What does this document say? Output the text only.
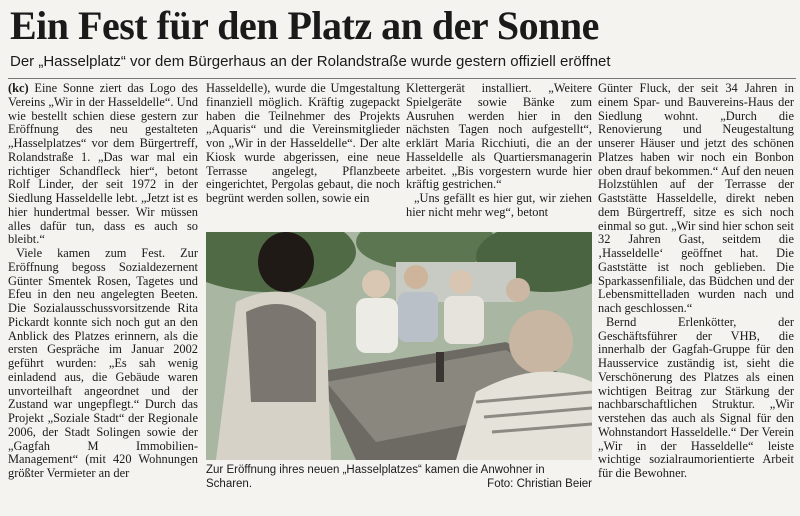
Ein Fest für den Platz an der Sonne
Der „Hasselplatz“ vor dem Bürgerhaus an der Rolandstraße wurde gestern offiziell eröffnet

(kc) Eine Sonne ziert das Logo des Vereins „Wir in der Hasseldelle“. Und wie bestellt schien diese gestern zur Eröffnung des neu gestalteten „Hasselplatzes“ vor dem Bürgertreff, Rolandstraße 1. „Das war mal ein richtiger Schandfleck hier“, betont Rolf Linder, der seit 1972 in der Siedlung Hasseldelle lebt. „Jetzt ist es hier hundertmal besser. Wir müssen alles dafür tun, dass es auch so bleibt.“

Viele kamen zum Fest. Zur Eröffnung begoss Sozialdezernent Günter Smentek Rosen, Tagetes und Efeu in den neu angelegten Beeten. Die Sozialausschussvorsitzende Rita Pickardt konnte sich noch gut an den Anblick des Platzes erinnern, als die ersten Gespräche im Januar 2002 geführt wurden: „Es sah wenig einladend aus, die Gebäude waren unvorteilhaft angeordnet und der Zustand war ungepflegt.“ Durch das Projekt „Soziale Stadt“ der Regionale 2006, der Stadt Solingen sowie der „Gagfah M Immobilien-Management“ (mit 420 Wohnungen größter Vermieter an der

Hasseldelle), wurde die Umgestaltung finanziell möglich. Kräftig zugepackt haben die Teilnehmer des Projekts „Aquaris“ und die Vereinsmitglieder von „Wir in der Hasseldelle“. Der alte Kiosk wurde abgerissen, eine neue Terrasse angelegt, Pflanzbeete eingerichtet, Pergolas gebaut, die noch begrünt werden sollen, sowie ein

Klettergerät installiert. „Weitere Spielgeräte sowie Bänke zum Ausruhen werden hier in den nächsten Tagen noch aufgestellt“, erklärt Maria Ricchiuti, die an der Hasseldelle als Quartiersmanagerin arbeitet. „Bis vorgestern wurde hier kräftig gestrichen.“

„Uns gefällt es hier gut, wir ziehen hier nicht mehr weg“, betont

Günter Fluck, der seit 34 Jahren in einem Spar- und Bauvereins-Haus der Siedlung wohnt. „Durch die Renovierung und Neugestaltung unserer Häuser und jetzt des schönen Platzes haben wir noch ein Bonbon oben drauf bekommen.“ Auf den neuen Holzstühlen auf der Terrasse der Gaststätte Hasseldelle, direkt neben dem Bürgertreff, sitze es sich noch einmal so gut. „Wir sind hier schon seit 32 Jahren Gast, seitdem die ‚Hasseldelle‘ geöffnet hat. Die Gaststätte ist noch geblieben. Die Sparkassenfiliale, das Büdchen und der Lebensmittelladen wurden nach und nach geschlossen.“

Bernd Erlenkötter, der Geschäftsführer der VHB, die innerhalb der Gagfah-Gruppe für den Hausservice zuständig ist, sieht die Verschönerung des Platzes als einen wichtigen Beitrag zur Stärkung der nachbarschaftlichen Struktur. „Wir verstehen das auch als Signal für den Wohnstandort Hasseldelle.“ Der Verein „Wir in der Hasseldelle“ leiste wichtige sozialraumorientierte Arbeit für die Bewohner.

Zur Eröffnung ihres neuen „Hasselplatzes“ kamen die Anwohner in Scharen.	Foto: Christian Beier
